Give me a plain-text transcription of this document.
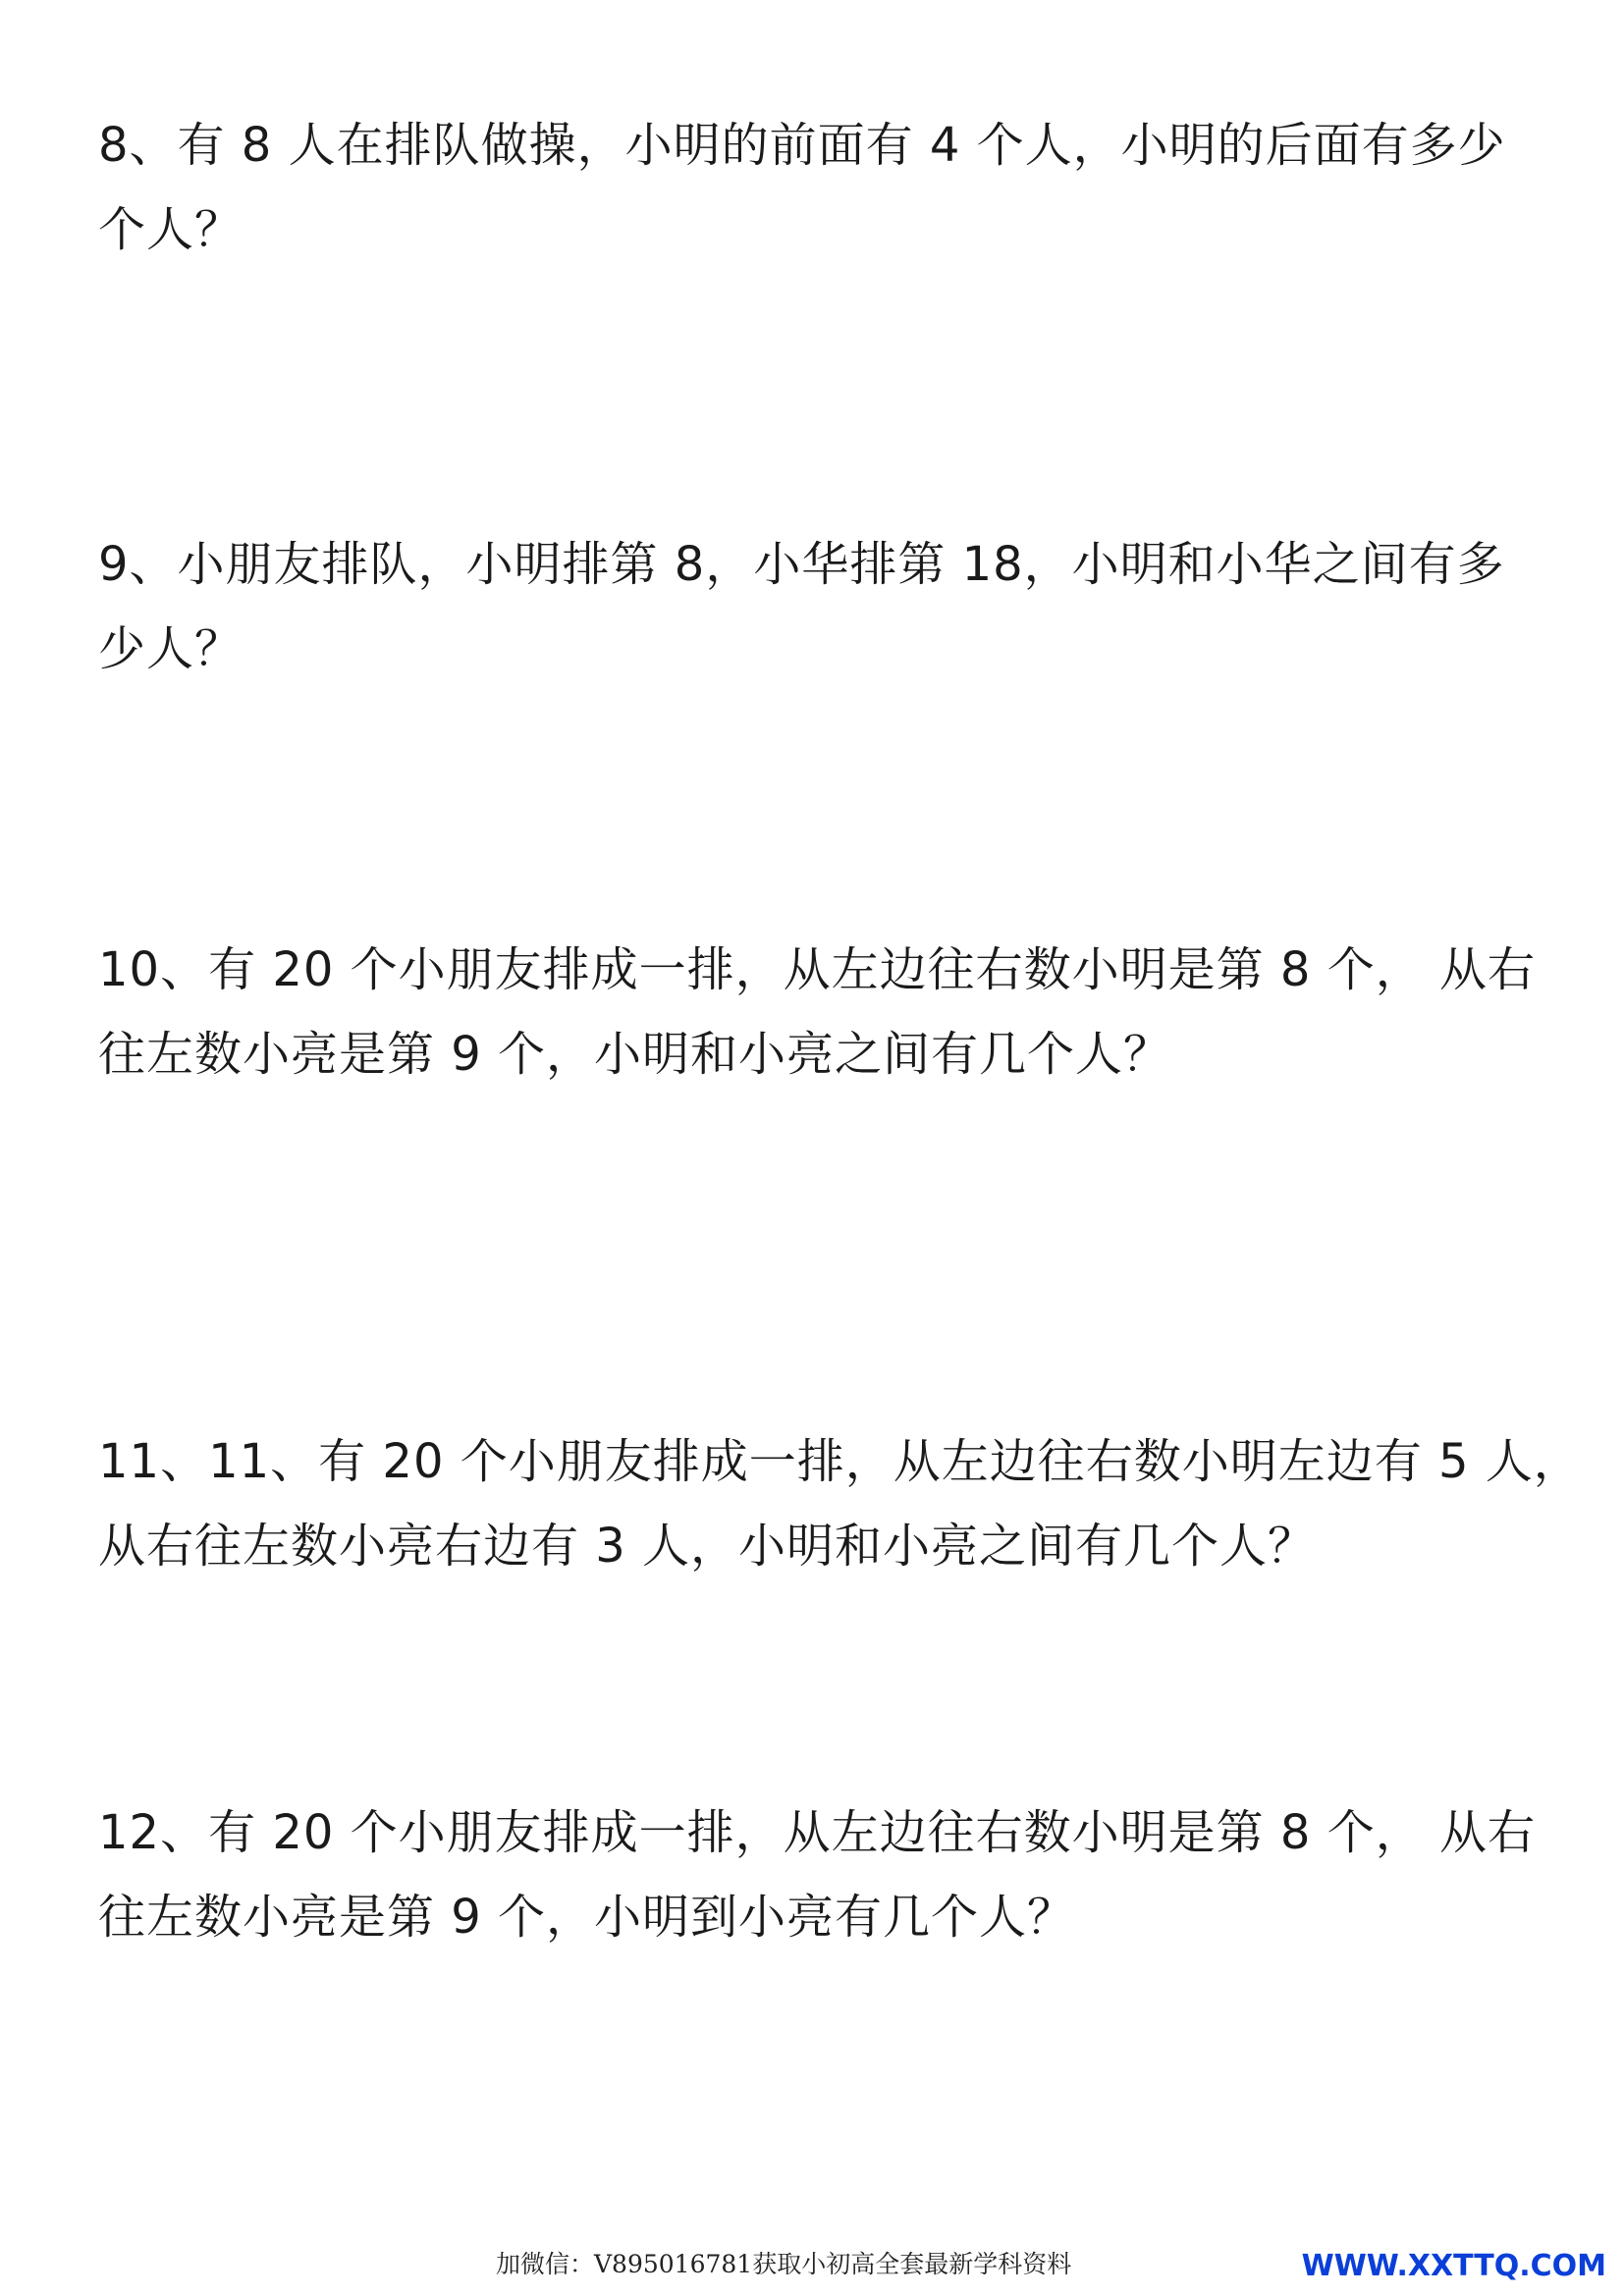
8、有 8 人在排队做操，小明的前面有 4 个人，小明的后面有多少
个人？
9、小朋友排队，小明排第 8，小华排第 18，小明和小华之间有多
少人？
10、有 20 个小朋友排成一排，从左边往右数小明是第 8 个， 从右
往左数小亮是第 9 个，小明和小亮之间有几个人？
11、11、有 20 个小朋友排成一排，从左边往右数小明左边有 5 人，
从右往左数小亮右边有 3 人，小明和小亮之间有几个人？
12、有 20 个小朋友排成一排，从左边往右数小明是第 8 个， 从右
往左数小亮是第 9 个，小明到小亮有几个人？
加微信：V895016781获取小初高全套最新学科资料	WWW.XXTTQ.COM
